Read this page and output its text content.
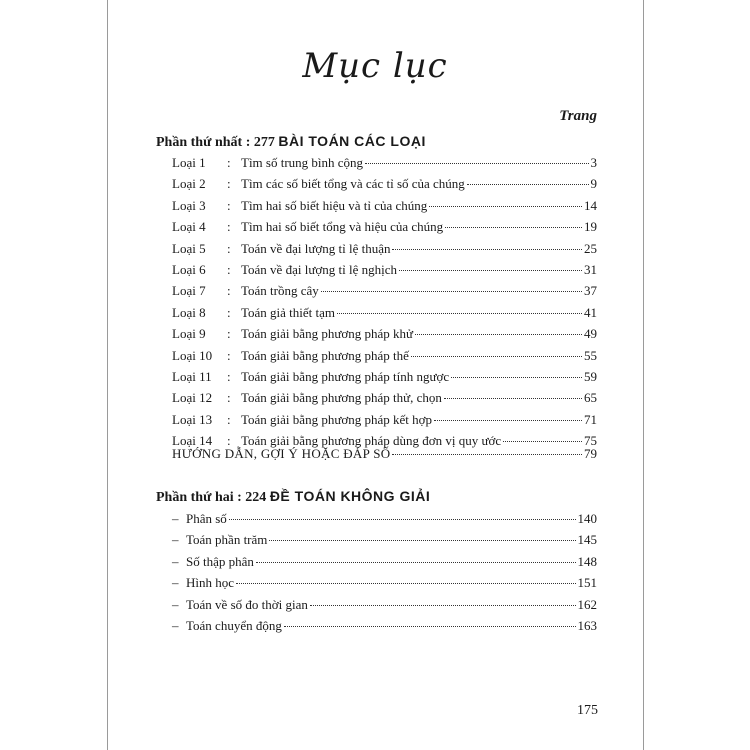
Mục lục
Trang
Phần thứ nhất : 277 BÀI TOÁN CÁC LOẠI
Loại 1	: Tìm số trung bình cộng	3
Loại 2	: Tìm các số biết tổng và các tỉ số của chúng	9
Loại 3	: Tìm hai số biết hiệu và tỉ của chúng	14
Loại 4	: Tìm hai số biết tổng và hiệu của chúng	19
Loại 5	: Toán về đại lượng tỉ lệ thuận	25
Loại 6	: Toán về đại lượng tỉ lệ nghịch	31
Loại 7	: Toán trồng cây	37
Loại 8	: Toán giả thiết tạm	41
Loại 9	: Toán giải bằng phương pháp khử	49
Loại 10	: Toán giải bằng phương pháp thế	55
Loại 11	: Toán giải bằng phương pháp tính ngược	59
Loại 12	: Toán giải bằng phương pháp thử, chọn	65
Loại 13	: Toán giải bằng phương pháp kết hợp	71
Loại 14	: Toán giải bằng phương pháp dùng đơn vị quy ước	75
HƯỚNG DẪN, GỢI Ý HOẶC ĐÁP SỐ	79
Phần thứ hai : 224 ĐỀ TOÁN KHÔNG GIẢI
– Phân số	140
– Toán phần trăm	145
– Số thập phân	148
– Hình học	151
– Toán về số đo thời gian	162
– Toán chuyển động	163
175
